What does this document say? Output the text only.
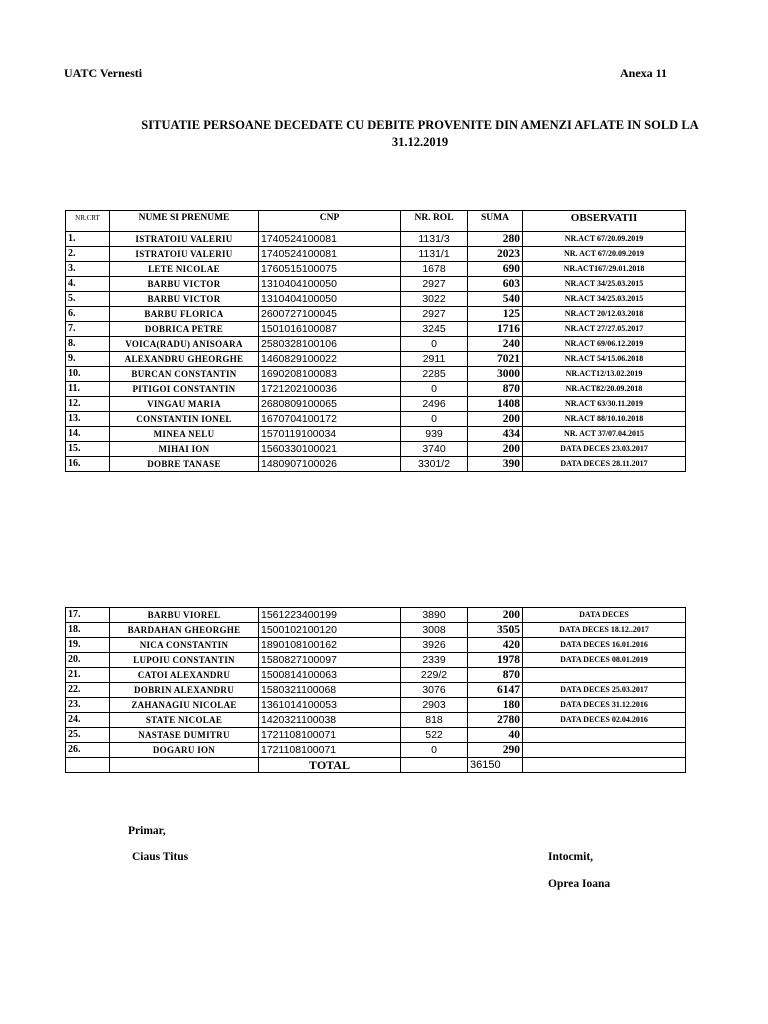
UATC Vernesti	Anexa 11
SITUATIE PERSOANE DECEDATE CU DEBITE PROVENITE DIN AMENZI AFLATE IN SOLD LA
31.12.2019
NR.CRT	NUME SI PRENUME	CNP	NR. ROL	SUMA	OBSERVATII
1.	ISTRATOIU VALERIU	1740524100081	1131/3	280	NR.ACT 67/20.09.2019
2.	ISTRATOIU VALERIU	1740524100081	1131/1	2023	NR. ACT 67/20.09.2019
3.	LETE NICOLAE	1760515100075	1678	690	NR.ACT167/29.01.2018
4.	BARBU VICTOR	1310404100050	2927	603	NR.ACT 34/25.03.2015
5.	BARBU VICTOR	1310404100050	3022	540	NR.ACT 34/25.03.2015
6.	BARBU FLORICA	2600727100045	2927	125	NR.ACT 20/12.03.2018
7.	DOBRICA PETRE	1501016100087	3245	1716	NR.ACT 27/27.05.2017
8.	VOICA(RADU) ANISOARA	2580328100106	0	240	NR.ACT 69/06.12.2019
9.	ALEXANDRU GHEORGHE	1460829100022	2911	7021	NR.ACT 54/15.06.2018
10.	BURCAN CONSTANTIN	1690208100083	2285	3000	NR.ACT12/13.02.2019
11.	PITIGOI CONSTANTIN	1721202100036	0	870	NR.ACT82/20.09.2018
12.	VINGAU MARIA	2680809100065	2496	1408	NR.ACT 63/30.11.2019
13.	CONSTANTIN IONEL	1670704100172	0	200	NR.ACT 88/10.10.2018
14.	MINEA NELU	1570119100034	939	434	NR. ACT 37/07.04.2015
15.	MIHAI ION	1560330100021	3740	200	DATA DECES 23.03.2017
16.	DOBRE TANASE	1480907100026	3301/2	390	DATA DECES 28.11.2017
17.	BARBU VIOREL	1561223400199	3890	200	DATA DECES
18.	BARDAHAN GHEORGHE	1500102100120	3008	3505	DATA DECES 18.12..2017
19.	NICA CONSTANTIN	1890108100162	3926	420	DATA DECES 16.01.2016
20.	LUPOIU CONSTANTIN	1580827100097	2339	1978	DATA DECES 08.01.2019
21.	CATOI ALEXANDRU	1500814100063	229/2	870	
22.	DOBRIN ALEXANDRU	1580321100068	3076	6147	DATA DECES 25.03.2017
23.	ZAHANAGIU NICOLAE	1361014100053	2903	180	DATA DECES 31.12.2016
24.	STATE NICOLAE	1420321100038	818	2780	DATA DECES 02.04.2016
25.	NASTASE DUMITRU	1721108100071	522	40	
26.	DOGARU ION	1721108100071	0	290	
		TOTAL		36150	
Primar,
Ciaus Titus	Intocmit,
Oprea Ioana
